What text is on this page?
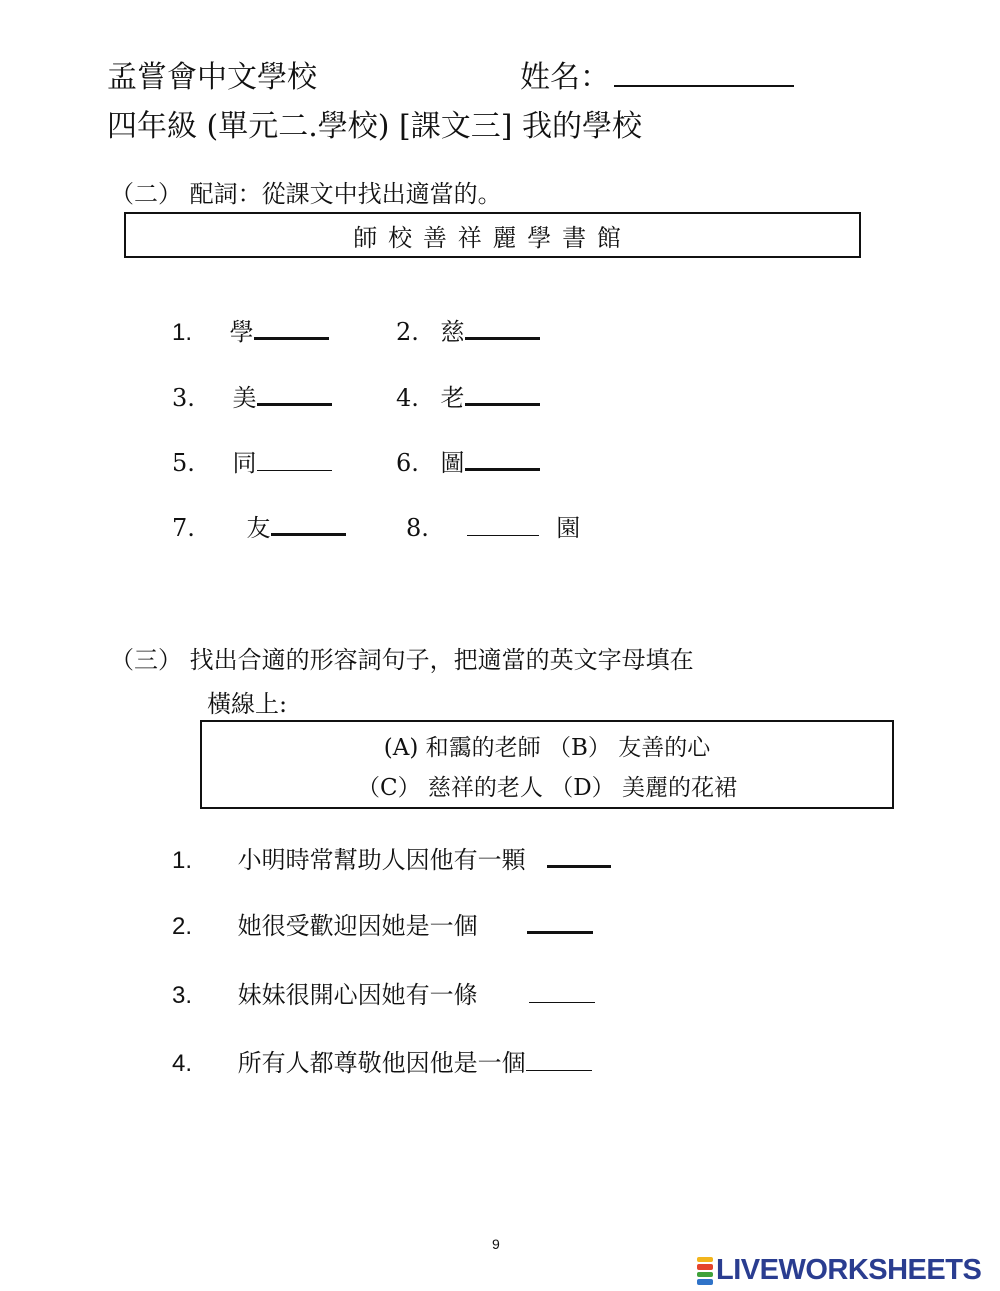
孟嘗會中文學校	姓名：
四年級 (單元二.學校) [課文三] 我的學校
（二） 配詞：從課文中找出適當的。
師校善祥麗學書館
1. 學	2. 慈
3. 美	4. 老
5. 同	6. 圖
7. 友	8.	園
（三） 找出合適的形容詞句子，把適當的英文字母填在
橫線上:
(A) 和靄的老師 （B） 友善的心
（C） 慈祥的老人 （D） 美麗的花裙
1. 小明時常幫助人因他有一顆
2. 她很受歡迎因她是一個
3. 妹妹很開心因她有一條
4. 所有人都尊敬他因他是一個
9
LIVEWORKSHEETS
